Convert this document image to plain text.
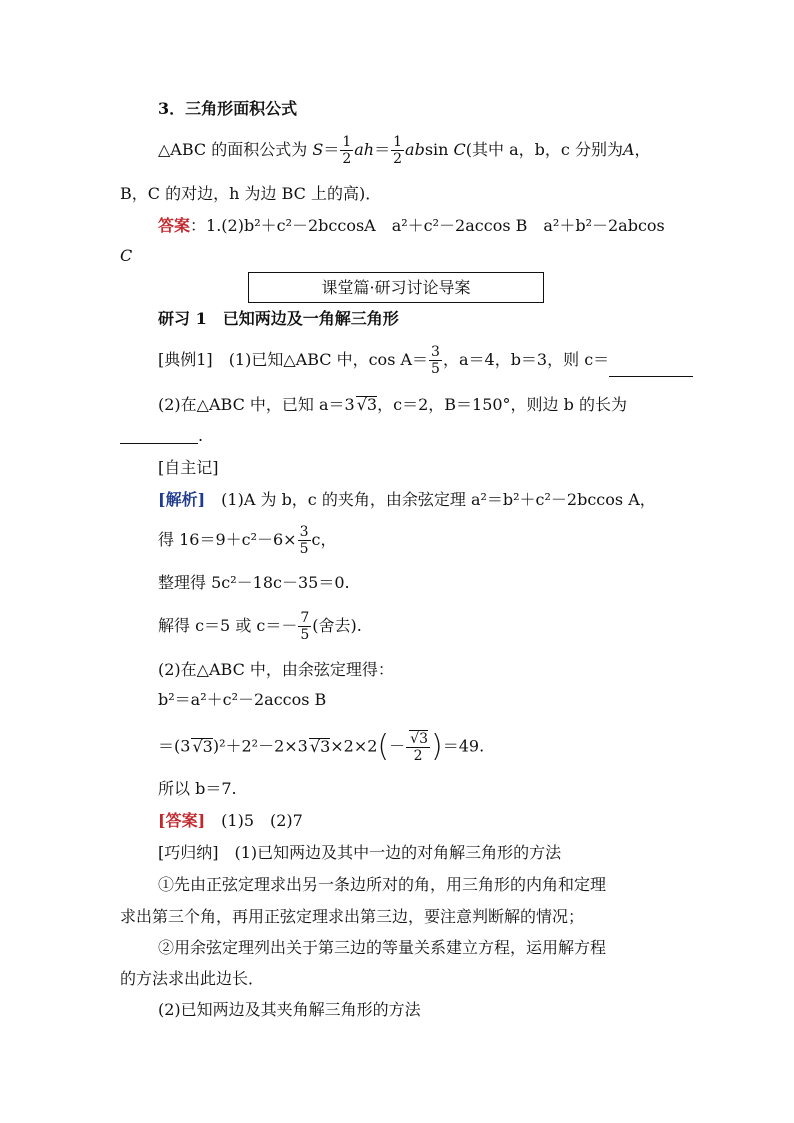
3．三角形面积公式
△ABC 的面积公式为 $S= \frac{1}{2} ah= \frac{1}{2}$ absin C(其中 a，b，c 分别为A，
B，C 的对边，h 为边 BC 上的高)．
答案：1.(2)b²＋c²－2bccosA　a²＋c²－2accos B　a²＋b²－2abcos
C
课堂篇·研习讨论导案
研习 1　已知两边及一角解三角形
[典例1]　 (1)已知△ABC 中，$\cos A= \frac{3}{5}$ ，a＝4，b＝3，则 c＝
(2)在△ABC 中，已知 a＝3 √3，c＝2，B＝150°，则边 b 的长为
.
[自主记]
[解析]　 (1)A 为 b，c 的夹角，由余弦定理 a²＝b²＋c²－2bccos A，
得 $16=9+c^2-6\times \frac{3}{5}$ c，
整理得 5c²－18c－35＝0.
解得 c＝5 或 $c=- \frac{7}{5}$ (舍去).
(2)在△ABC 中，由余弦定理得：
b²＝a²＋c²－2accos B
＝(3 √3)²＋2²－2×3 $√3\times 2\times 2(- \frac{√3}{2} )=49$.
所以 b＝7.
[答案]　(1)5　(2)7
[巧归纳]　(1)已知两边及其中一边的对角解三角形的方法
①先由正弦定理求出另一条边所对的角，用三角形的内角和定理
求出第三个角，再用正弦定理求出第三边，要注意判断解的情况；
②用余弦定理列出关于第三边的等量关系建立方程，运用解方程
的方法求出此边长．
(2)已知两边及其夹角解三角形的方法
